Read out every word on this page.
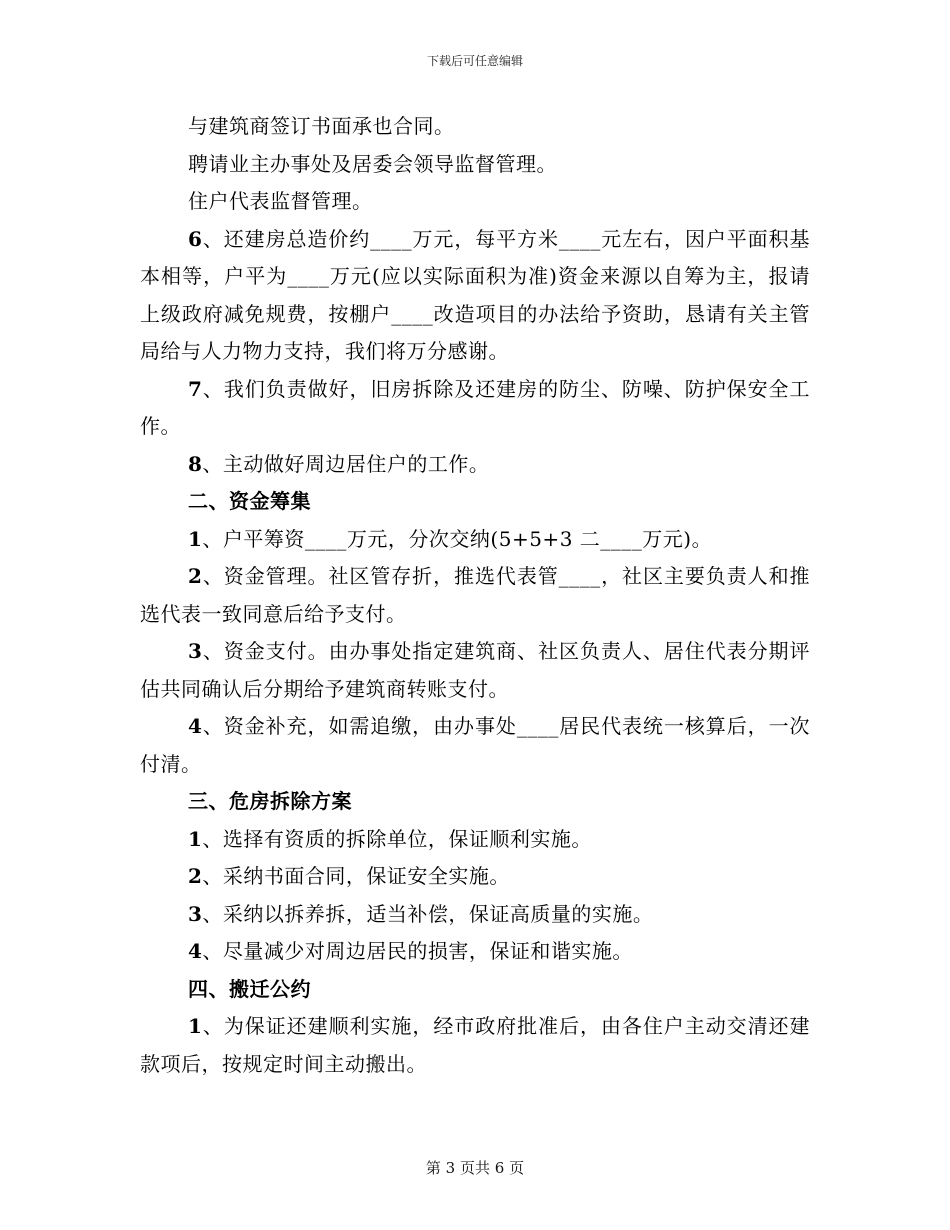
下载后可任意编辑

与建筑商签订书面承也合同。

聘请业主办事处及居委会领导监督管理。

住户代表监督管理。

6、还建房总造价约____万元，每平方米____元左右，因户平面积基本相等，户平为____万元(应以实际面积为准)资金来源以自筹为主，报请上级政府减免规费，按棚户____改造项目的办法给予资助，恳请有关主管局给与人力物力支持，我们将万分感谢。

7、我们负责做好，旧房拆除及还建房的防尘、防噪、防护保安全工作。

8、主动做好周边居住户的工作。

二、资金筹集

1、户平筹资____万元，分次交纳(5+5+3 二____万元)。

2、资金管理。社区管存折，推选代表管____，社区主要负责人和推选代表一致同意后给予支付。

3、资金支付。由办事处指定建筑商、社区负责人、居住代表分期评估共同确认后分期给予建筑商转账支付。

4、资金补充，如需追缴，由办事处____居民代表统一核算后，一次付清。

三、危房拆除方案

1、选择有资质的拆除单位，保证顺利实施。

2、采纳书面合同，保证安全实施。

3、采纳以拆养拆，适当补偿，保证高质量的实施。

4、尽量减少对周边居民的损害，保证和谐实施。

四、搬迁公约

1、为保证还建顺利实施，经市政府批准后，由各住户主动交清还建款项后，按规定时间主动搬出。

第 3 页共 6 页
